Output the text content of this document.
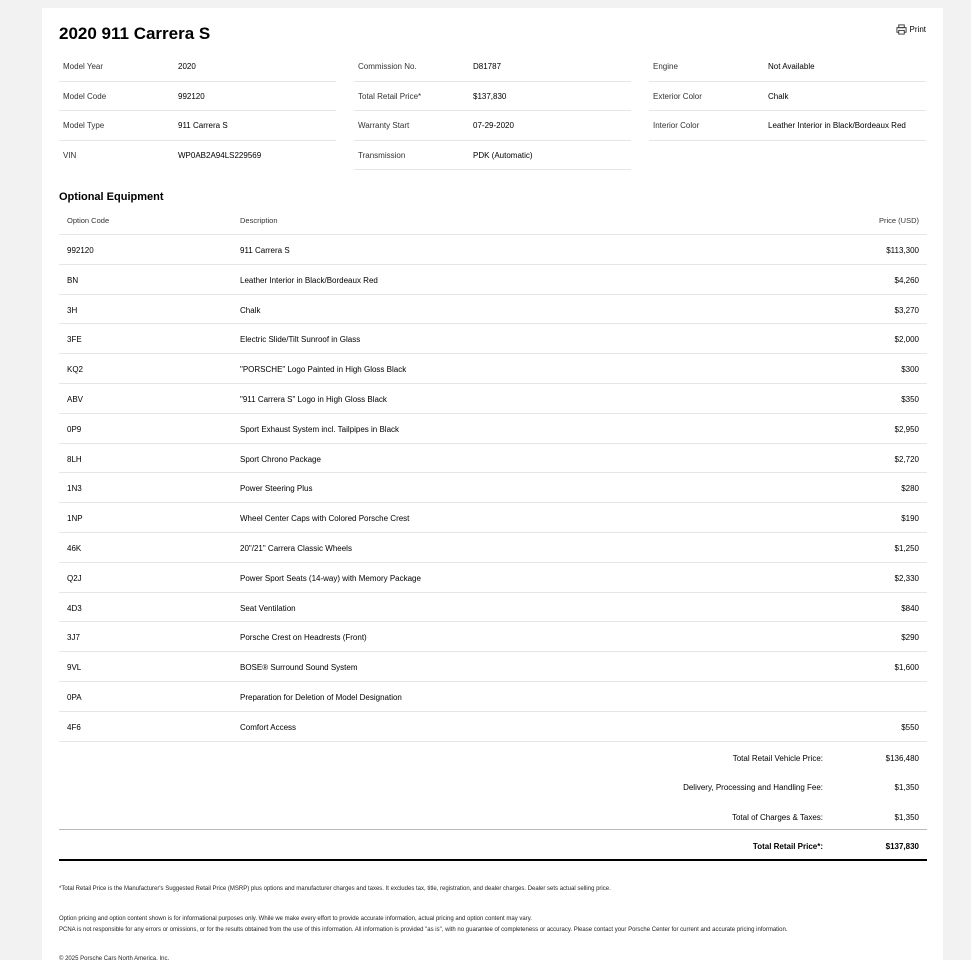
2020 911 Carrera S	Print
Model Year	2020
Model Code	992120
Model Type	911 Carrera S
VIN	WP0AB2A94LS229569
Commission No.	D81787
Total Retail Price*	$137,830
Warranty Start	07-29-2020
Transmission	PDK (Automatic)
Engine	Not Available
Exterior Color	Chalk
Interior Color	Leather Interior in Black/Bordeaux Red
Optional Equipment
Option Code	Description	Price (USD)
992120	911 Carrera S	$113,300
BN	Leather Interior in Black/Bordeaux Red	$4,260
3H	Chalk	$3,270
3FE	Electric Slide/Tilt Sunroof in Glass	$2,000
KQ2	"PORSCHE" Logo Painted in High Gloss Black	$300
ABV	"911 Carrera S" Logo in High Gloss Black	$350
0P9	Sport Exhaust System incl. Tailpipes in Black	$2,950
8LH	Sport Chrono Package	$2,720
1N3	Power Steering Plus	$280
1NP	Wheel Center Caps with Colored Porsche Crest	$190
46K	20"/21" Carrera Classic Wheels	$1,250
Q2J	Power Sport Seats (14-way) with Memory Package	$2,330
4D3	Seat Ventilation	$840
3J7	Porsche Crest on Headrests (Front)	$290
9VL	BOSE® Surround Sound System	$1,600
0PA	Preparation for Deletion of Model Designation
4F6	Comfort Access	$550
Total Retail Vehicle Price:	$136,480
Delivery, Processing and Handling Fee:	$1,350
Total of Charges & Taxes:	$1,350
Total Retail Price*:	$137,830
*Total Retail Price is the Manufacturer's Suggested Retail Price (MSRP) plus options and manufacturer charges and taxes. It excludes tax, title, registration, and dealer charges. Dealer sets actual selling price.
Option pricing and option content shown is for informational purposes only. While we make every effort to provide accurate information, actual pricing and option content may vary.
PCNA is not responsible for any errors or omissions, or for the results obtained from the use of this information. All information is provided "as is", with no guarantee of completeness or accuracy. Please contact your Porsche Center for current and accurate pricing information.
© 2025 Porsche Cars North America, Inc.
